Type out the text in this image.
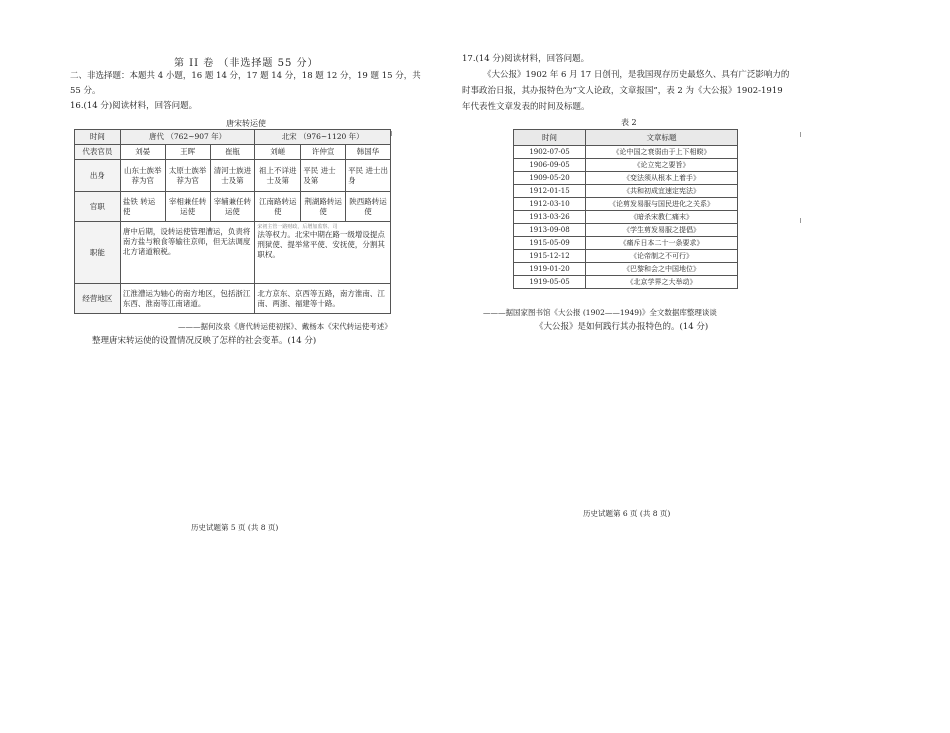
第 II 卷 （非选择题 55 分）
二、非选择题：本题共 4 小题，16 题 14 分，17 题 14 分，18 题 12 分，19 题 15 分，共
55 分。
16.(14 分)阅读材料，回答问题。
唐宋转运使
时间	唐代 （762~907 年）			北宋 （976~1120 年）		
代表官员	刘晏	王晖	崔瓶	刘嵯	许仲宣	韩国华
出身	山东士族举荐为官	太原士族举荐为官	清河士族进士及第	祖上不详进士及第	平民 进士及第	平民 进士出身
官职	盐铁 转运使	宰相兼任转运使	宰辅兼任转运使	江南路转运使	荆湖路转运使	陕西路转运使
职能	唐中后期，设转运使管理漕运，负责将南方盐与粮食等输往京师，但无法调度北方诸道粮税。			宋初主管一路财政，后增加监察、司
法等权力。北宋中期在路一级增设提点刑狱使、提举常平使、安抚使，分割其职权。		

经营地区	江淮漕运为轴心的南方地区，包括浙江东西、淮南等江南诸道。			北方京东、京西等五路，南方淮南、江南、两浙、福建等十路。		
———据何汝泉《唐代转运使初探》、戴杨本《宋代转运使考述》
整理唐宋转运使的设置情况反映了怎样的社会变革。(14 分)
历史试题第 5 页 (共 8 页)
17.(14 分)阅读材料，回答问题。
《大公报》1902 年 6 月 17 日创刊，是我国现存历史最悠久、具有广泛影响力的
时事政治日报，其办报特色为“文人论政，文章报国”，表 2 为《大公报》1902-1919
年代表性文章发表的时间及标题。
表 2
时间	文章标题
1902-07-05	《论中国之衰弱由于上下相睽》
1906-09-05	《论立宪之要旨》
1909-05-20	《变法须从根本上着手》
1912-01-15	《共和初成宜速定宪法》
1912-03-10	《论剪发易服与国民进化之关系》
1913-03-26	《暗杀宋教仁痛末》
1913-09-08	《学生剪发易服之提倡》
1915-05-09	《痛斥日本二十一条要求》
1915-12-12	《论帝制之不可行》
1919-01-20	《巴黎和会之中国地位》
1919-05-05	《北京学界之大举动》
———据国家图书馆《大公报 (1902——1949)》全文数据库整理谈谈
《大公报》是如何践行其办报特色的。(14 分)
历史试题第 6 页 (共 8 页)
